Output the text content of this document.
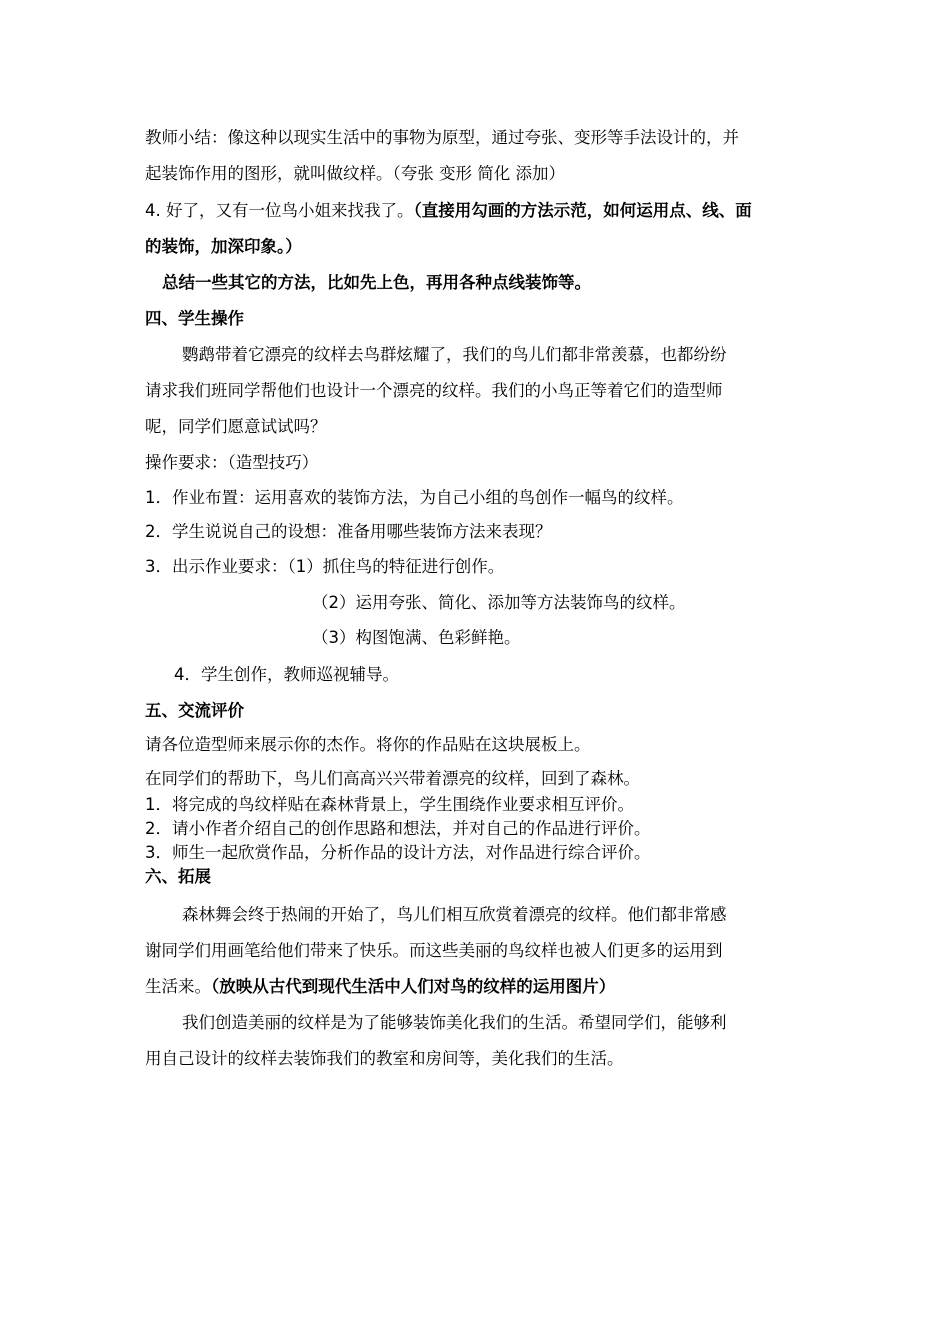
教师小结：像这种以现实生活中的事物为原型，通过夸张、变形等手法设计的，并
起装饰作用的图形，就叫做纹样。（夸张 变形 简化 添加）
4. 好了，又有一位鸟小姐来找我了。（直接用勾画的方法示范，如何运用点、线、面
的装饰，加深印象。）
总结一些其它的方法，比如先上色，再用各种点线装饰等。
四、学生操作
鹦鹉带着它漂亮的纹样去鸟群炫耀了，我们的鸟儿们都非常羡慕，也都纷纷
请求我们班同学帮他们也设计一个漂亮的纹样。我们的小鸟正等着它们的造型师
呢，同学们愿意试试吗？
操作要求：（造型技巧）
1．作业布置：运用喜欢的装饰方法，为自己小组的鸟创作一幅鸟的纹样。
2．学生说说自己的设想：准备用哪些装饰方法来表现？
3．出示作业要求：（1）抓住鸟的特征进行创作。
（2）运用夸张、简化、添加等方法装饰鸟的纹样。
（3）构图饱满、色彩鲜艳。
4．学生创作，教师巡视辅导。
五、交流评价
请各位造型师来展示你的杰作。将你的作品贴在这块展板上。
在同学们的帮助下，鸟儿们高高兴兴带着漂亮的纹样，回到了森林。
1．将完成的鸟纹样贴在森林背景上，学生围绕作业要求相互评价。
2．请小作者介绍自己的创作思路和想法，并对自己的作品进行评价。
3．师生一起欣赏作品，分析作品的设计方法，对作品进行综合评价。
六、拓展
森林舞会终于热闹的开始了，鸟儿们相互欣赏着漂亮的纹样。他们都非常感
谢同学们用画笔给他们带来了快乐。而这些美丽的鸟纹样也被人们更多的运用到
生活来。（放映从古代到现代生活中人们对鸟的纹样的运用图片）
我们创造美丽的纹样是为了能够装饰美化我们的生活。希望同学们，能够利
用自己设计的纹样去装饰我们的教室和房间等，美化我们的生活。
